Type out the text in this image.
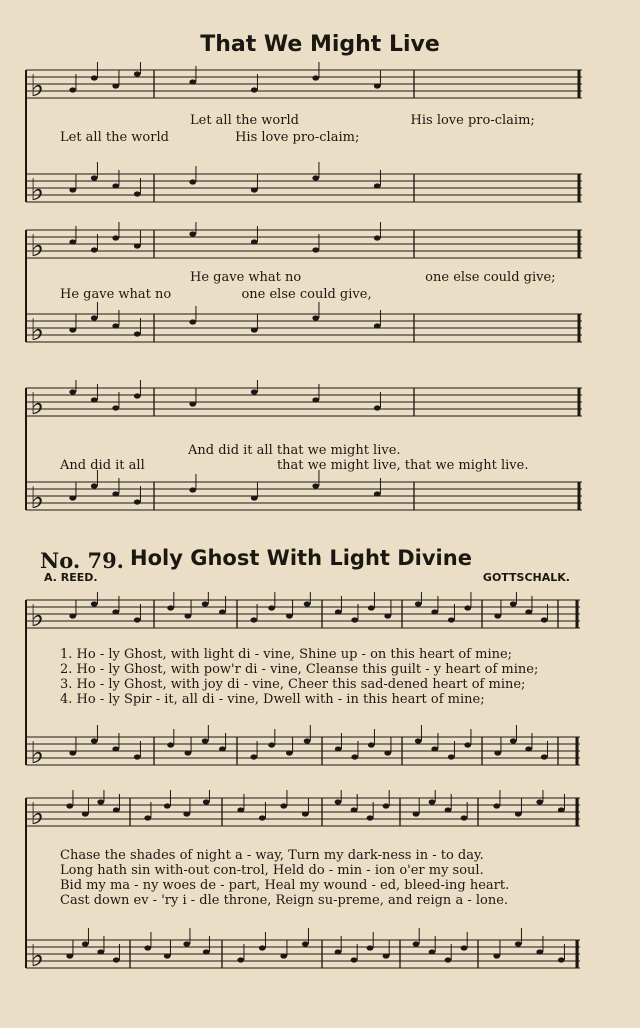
That We Might Live
♭
♭
Let all the world                           His love pro-claim;
Let all the world                His love pro-claim;
♭
♭
He gave what no                              one else could give;
He gave what no                 one else could give,
♭
♭
And did it all that we might live.
And did it all                                that we might live, that we might live.
No. 79. Holy Ghost With Light Divine
A. REED.	GOTTSCHALK.
♭
♭
1. Ho - ly Ghost, with light di - vine, Shine up - on this heart of mine;
2. Ho - ly Ghost, with pow'r di - vine, Cleanse this guilt - y heart of mine;
3. Ho - ly Ghost, with joy di - vine, Cheer this sad-dened heart of mine;
4. Ho - ly Spir - it, all di - vine, Dwell with - in this heart of mine;
♭
♭
Chase the shades of night a - way, Turn my dark-ness in - to day.
Long hath sin with-out con-trol, Held do - min - ion o'er my soul.
Bid my ma - ny woes de - part, Heal my wound - ed, bleed-ing heart.
Cast down ev - 'ry i - dle throne, Reign su-preme, and reign a - lone.
